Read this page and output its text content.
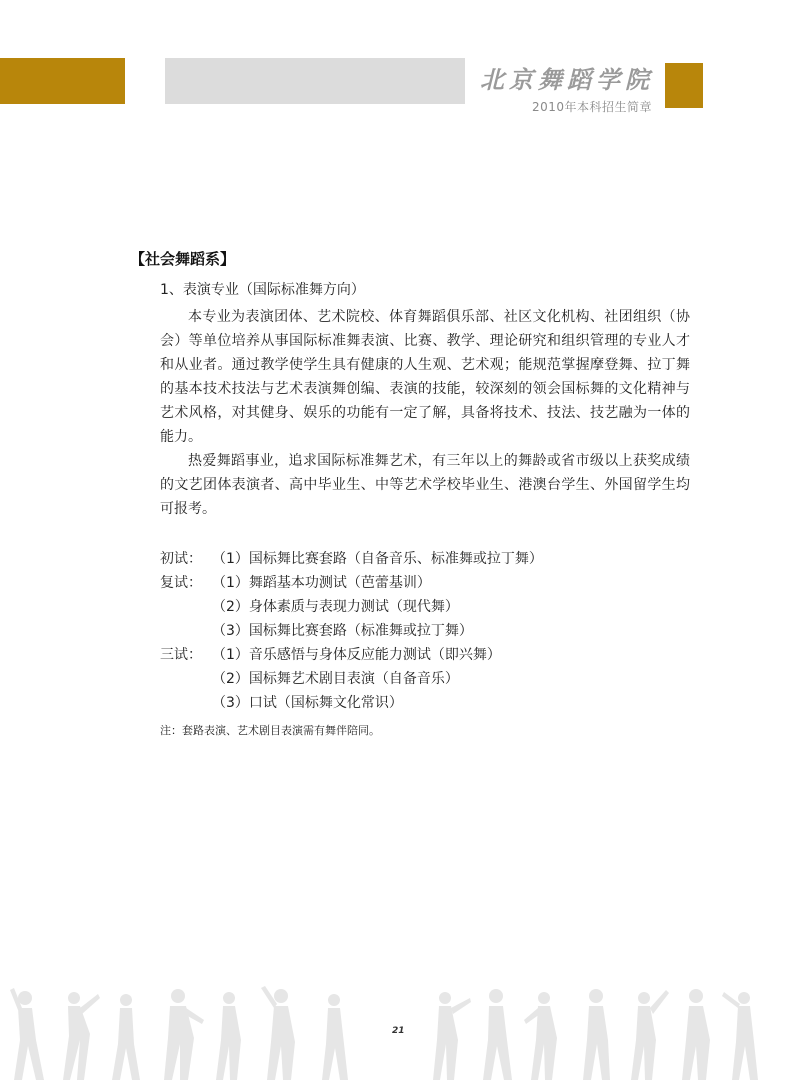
北京舞蹈学院
2010年本科招生简章
【社会舞蹈系】
1、表演专业（国际标准舞方向）

本专业为表演团体、艺术院校、体育舞蹈俱乐部、社区文化机构、社团组织（协会）等单位培养从事国际标准舞表演、比赛、教学、理论研究和组织管理的专业人才和从业者。通过教学使学生具有健康的人生观、艺术观；能规范掌握摩登舞、拉丁舞的基本技术技法与艺术表演舞创编、表演的技能，较深刻的领会国标舞的文化精神与艺术风格，对其健身、娱乐的功能有一定了解，具备将技术、技法、技艺融为一体的能力。

热爱舞蹈事业，追求国际标准舞艺术，有三年以上的舞龄或省市级以上获奖成绩的文艺团体表演者、高中毕业生、中等艺术学校毕业生、港澳台学生、外国留学生均可报考。

初试： （1）国标舞比赛套路（自备音乐、标准舞或拉丁舞）
复试： （1）舞蹈基本功测试（芭蕾基训）
（2）身体素质与表现力测试（现代舞）
（3）国标舞比赛套路（标准舞或拉丁舞）
三试： （1）音乐感悟与身体反应能力测试（即兴舞）
（2）国标舞艺术剧目表演（自备音乐）
（3）口试（国标舞文化常识）
注：套路表演、艺术剧目表演需有舞伴陪同。
21
